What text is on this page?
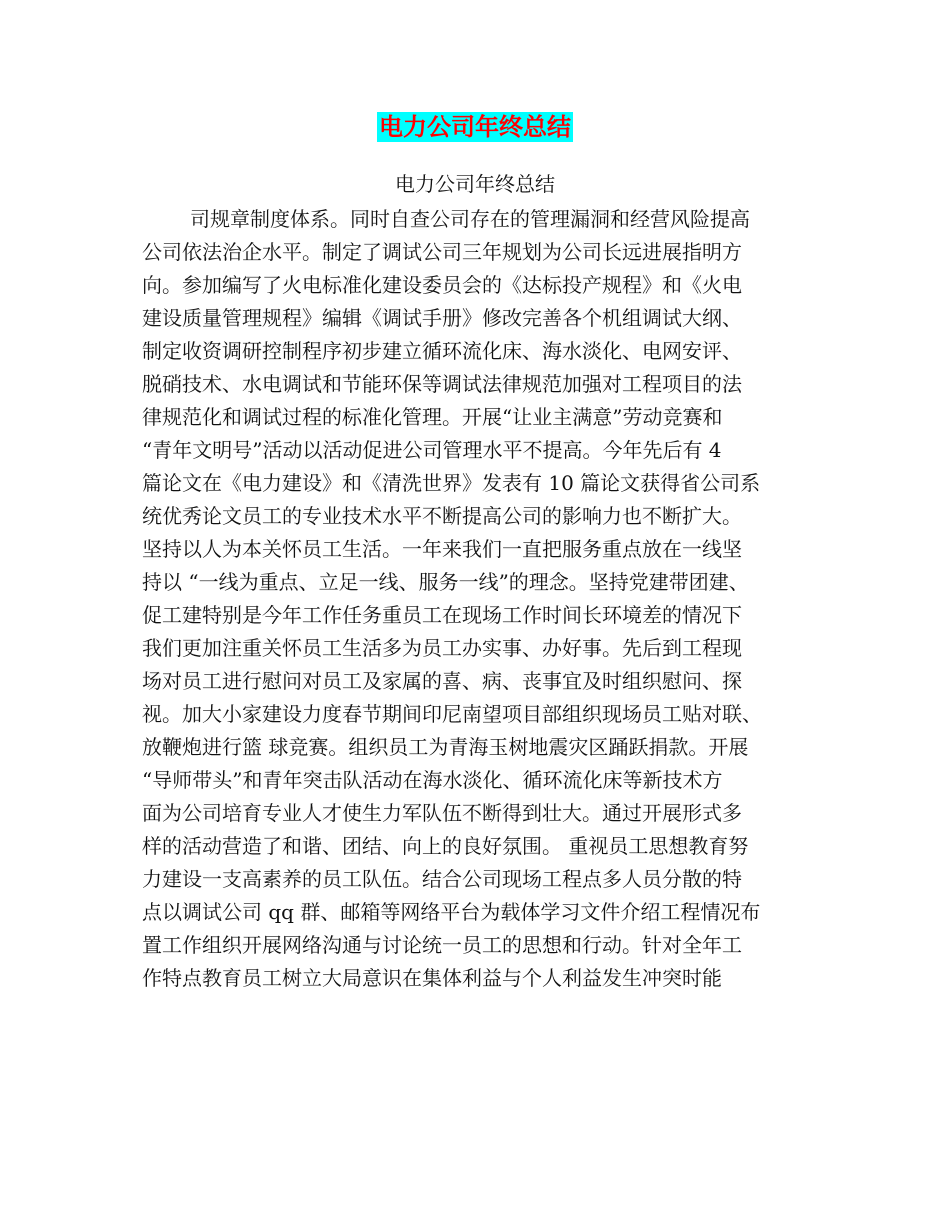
电力公司年终总结
电力公司年终总结
司规章制度体系。同时自查公司存在的管理漏洞和经营风险提高
公司依法治企水平。制定了调试公司三年规划为公司长远进展指明方
向。参加编写了火电标准化建设委员会的《达标投产规程》和《火电
建设质量管理规程》编辑《调试手册》修改完善各个机组调试大纲、
制定收资调研控制程序初步建立循环流化床、海水淡化、电网安评、
脱硝技术、水电调试和节能环保等调试法律规范加强对工程项目的法
律规范化和调试过程的标准化管理。开展“让业主满意”劳动竞赛和
“青年文明号”活动以活动促进公司管理水平不提高。今年先后有 4
篇论文在《电力建设》和《清洗世界》发表有 10 篇论文获得省公司系
统优秀论文员工的专业技术水平不断提高公司的影响力也不断扩大。
坚持以人为本关怀员工生活。一年来我们一直把服务重点放在一线坚
持以 “一线为重点、立足一线、服务一线”的理念。坚持党建带团建、
促工建特别是今年工作任务重员工在现场工作时间长环境差的情况下
我们更加注重关怀员工生活多为员工办实事、办好事。先后到工程现
场对员工进行慰问对员工及家属的喜、病、丧事宜及时组织慰问、探
视。加大小家建设力度春节期间印尼南望项目部组织现场员工贴对联、
放鞭炮进行篮 球竞赛。组织员工为青海玉树地震灾区踊跃捐款。开展
“导师带头”和青年突击队活动在海水淡化、循环流化床等新技术方
面为公司培育专业人才使生力军队伍不断得到壮大。通过开展形式多
样的活动营造了和谐、团结、向上的良好氛围。 重视员工思想教育努
力建设一支高素养的员工队伍。结合公司现场工程点多人员分散的特
点以调试公司 qq 群、邮箱等网络平台为载体学习文件介绍工程情况布
置工作组织开展网络沟通与讨论统一员工的思想和行动。针对全年工
作特点教育员工树立大局意识在集体利益与个人利益发生冲突时能
